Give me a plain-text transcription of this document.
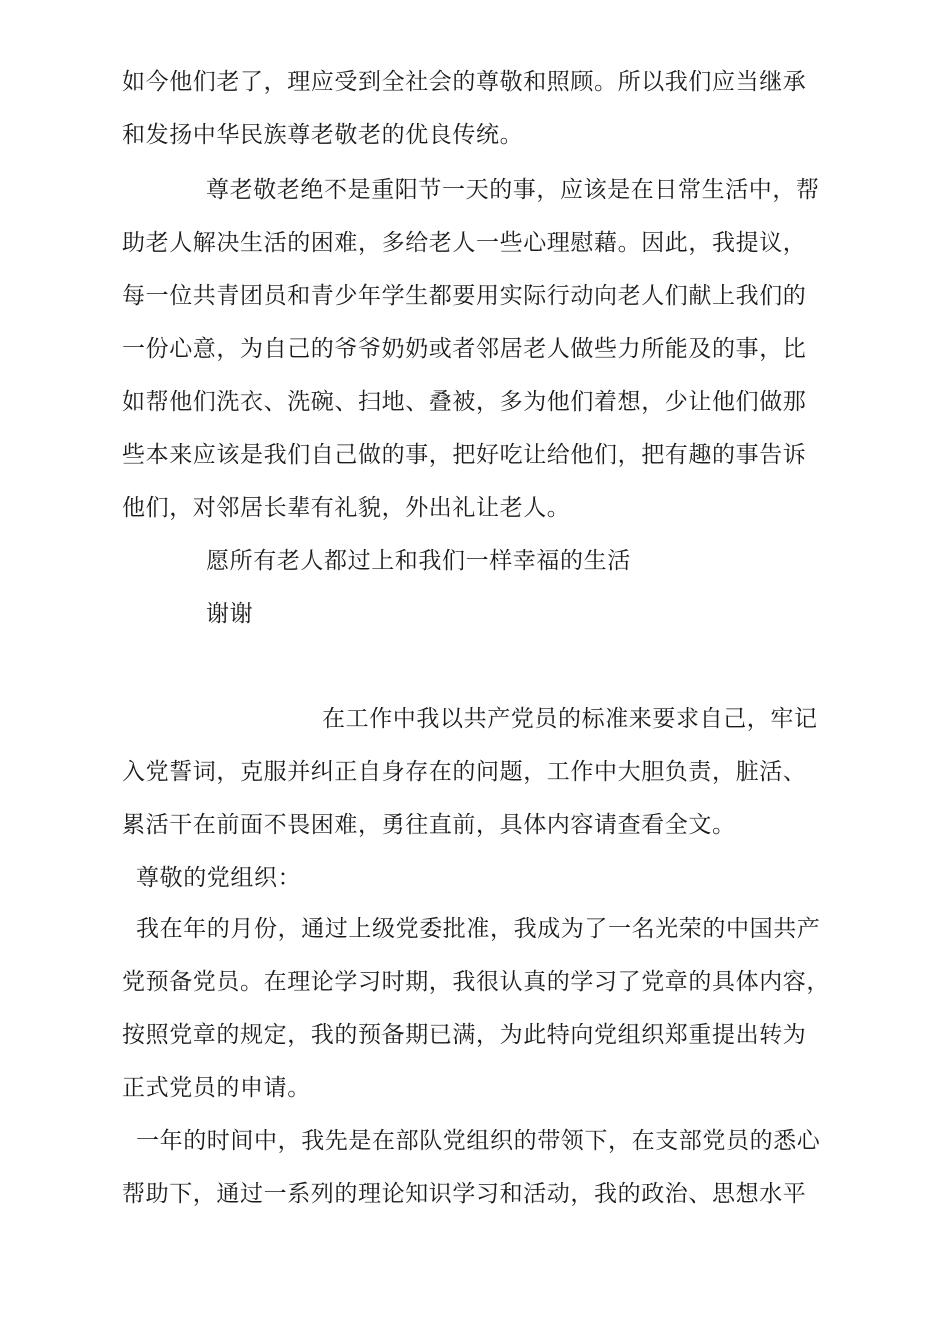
如今他们老了，理应受到全社会的尊敬和照顾。所以我们应当继承
和发扬中华民族尊老敬老的优良传统。
尊老敬老绝不是重阳节一天的事，应该是在日常生活中，帮
助老人解决生活的困难，多给老人一些心理慰藉。因此，我提议，
每一位共青团员和青少年学生都要用实际行动向老人们献上我们的
一份心意，为自己的爷爷奶奶或者邻居老人做些力所能及的事，比
如帮他们洗衣、洗碗、扫地、叠被，多为他们着想，少让他们做那
些本来应该是我们自己做的事，把好吃让给他们，把有趣的事告诉
他们，对邻居长辈有礼貌，外出礼让老人。
愿所有老人都过上和我们一样幸福的生活
谢谢
在工作中我以共产党员的标准来要求自己，牢记
入党誓词，克服并纠正自身存在的问题，工作中大胆负责，脏活、
累活干在前面不畏困难，勇往直前，具体内容请查看全文。
尊敬的党组织：
我在年的月份，通过上级党委批准，我成为了一名光荣的中国共产
党预备党员。在理论学习时期，我很认真的学习了党章的具体内容，
按照党章的规定，我的预备期已满，为此特向党组织郑重提出转为
正式党员的申请。
一年的时间中，我先是在部队党组织的带领下，在支部党员的悉心
帮助下，通过一系列的理论知识学习和活动，我的政治、思想水平
